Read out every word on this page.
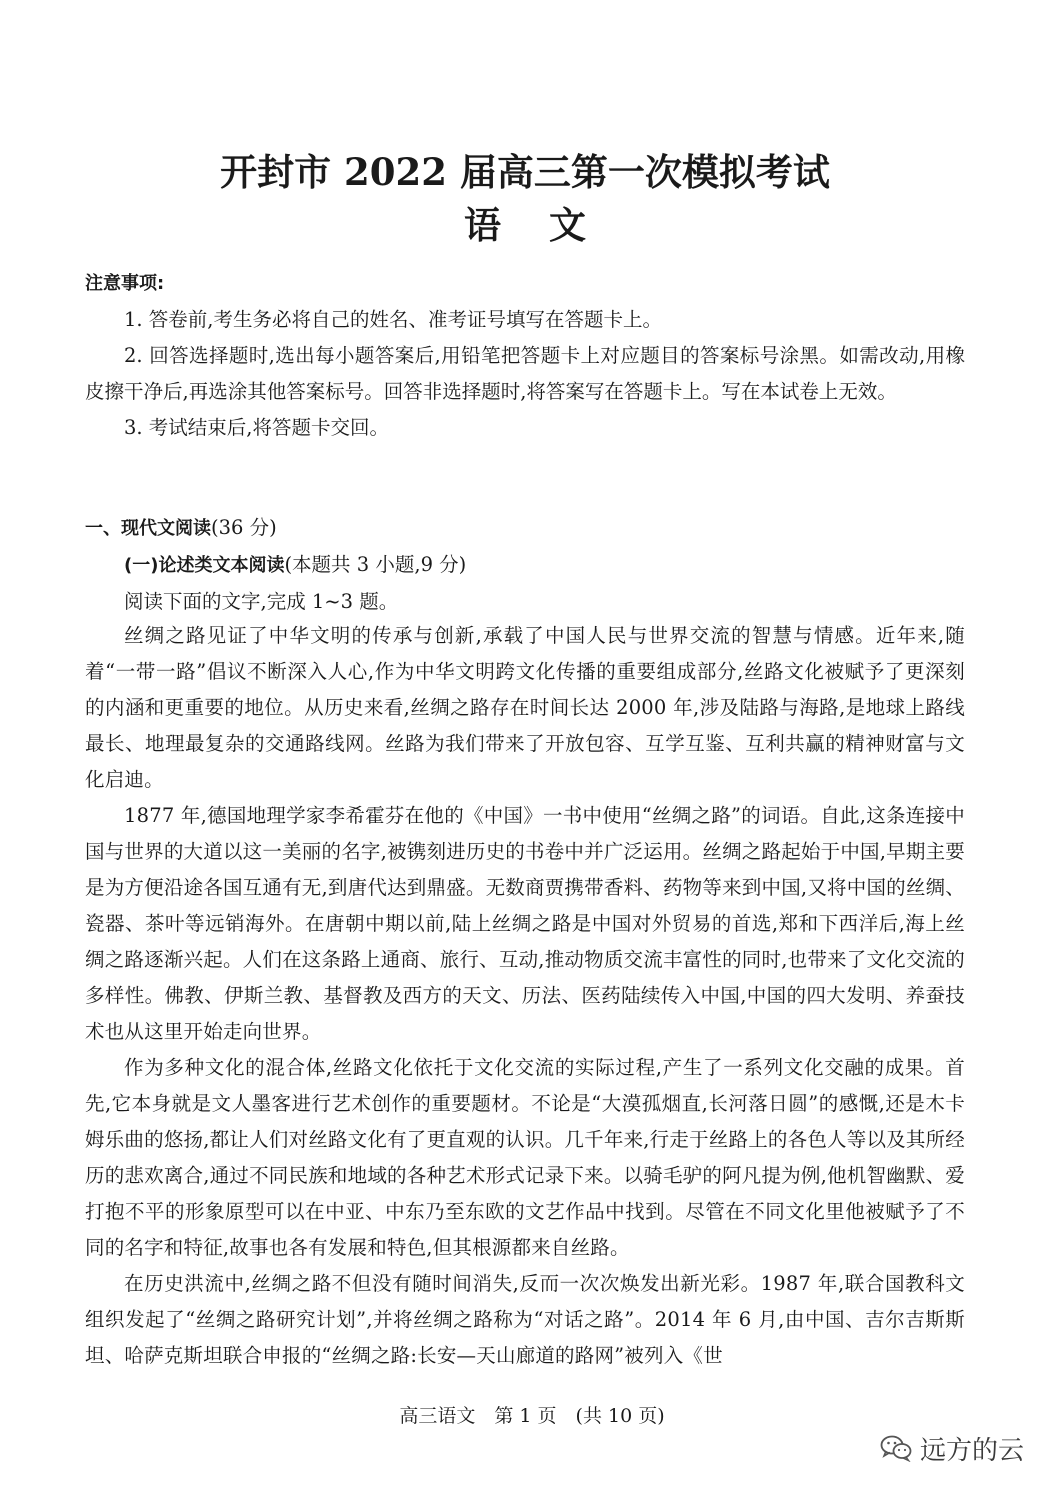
开封市 2022 届高三第一次模拟考试
语文

注意事项:

1. 答卷前,考生务必将自己的姓名、准考证号填写在答题卡上。

2. 回答选择题时,选出每小题答案后,用铅笔把答题卡上对应题目的答案标号涂黑。如需改动,用橡皮擦干净后,再选涂其他答案标号。回答非选择题时,将答案写在答题卡上。写在本试卷上无效。

3. 考试结束后,将答题卡交回。

一、现代文阅读(36 分)

(一)论述类文本阅读(本题共 3 小题,9 分)

阅读下面的文字,完成 1~3 题。

丝绸之路见证了中华文明的传承与创新,承载了中国人民与世界交流的智慧与情感。近年来,随着“一带一路”倡议不断深入人心,作为中华文明跨文化传播的重要组成部分,丝路文化被赋予了更深刻的内涵和更重要的地位。从历史来看,丝绸之路存在时间长达 2000 年,涉及陆路与海路,是地球上路线最长、地理最复杂的交通路线网。丝路为我们带来了开放包容、互学互鉴、互利共赢的精神财富与文化启迪。

1877 年,德国地理学家李希霍芬在他的《中国》一书中使用“丝绸之路”的词语。自此,这条连接中国与世界的大道以这一美丽的名字,被镌刻进历史的书卷中并广泛运用。丝绸之路起始于中国,早期主要是为方便沿途各国互通有无,到唐代达到鼎盛。无数商贾携带香料、药物等来到中国,又将中国的丝绸、瓷器、茶叶等远销海外。在唐朝中期以前,陆上丝绸之路是中国对外贸易的首选,郑和下西洋后,海上丝绸之路逐渐兴起。人们在这条路上通商、旅行、互动,推动物质交流丰富性的同时,也带来了文化交流的多样性。佛教、伊斯兰教、基督教及西方的天文、历法、医药陆续传入中国,中国的四大发明、养蚕技术也从这里开始走向世界。

作为多种文化的混合体,丝路文化依托于文化交流的实际过程,产生了一系列文化交融的成果。首先,它本身就是文人墨客进行艺术创作的重要题材。不论是“大漠孤烟直,长河落日圆”的感慨,还是木卡姆乐曲的悠扬,都让人们对丝路文化有了更直观的认识。几千年来,行走于丝路上的各色人等以及其所经历的悲欢离合,通过不同民族和地域的各种艺术形式记录下来。以骑毛驴的阿凡提为例,他机智幽默、爱打抱不平的形象原型可以在中亚、中东乃至东欧的文艺作品中找到。尽管在不同文化里他被赋予了不同的名字和特征,故事也各有发展和特色,但其根源都来自丝路。

在历史洪流中,丝绸之路不但没有随时间消失,反而一次次焕发出新光彩。1987 年,联合国教科文组织发起了“丝绸之路研究计划”,并将丝绸之路称为“对话之路”。2014 年 6 月,由中国、吉尔吉斯斯坦、哈萨克斯坦联合申报的“丝绸之路:长安—天山廊道的路网”被列入《世

高三语文　第 1 页　(共 10 页)
远方的云
